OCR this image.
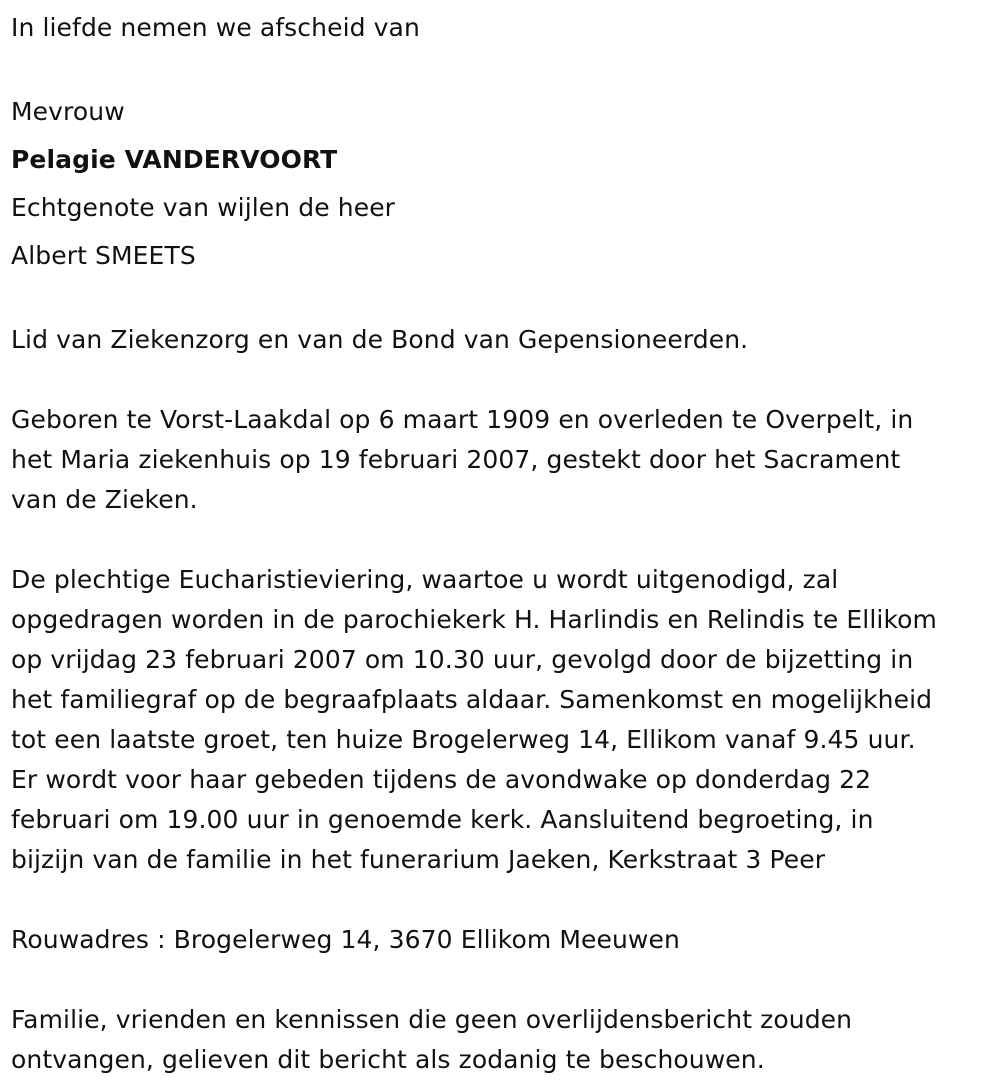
In liefde nemen we afscheid van
Mevrouw
Pelagie VANDERVOORT
Echtgenote van wijlen de heer
Albert SMEETS
Lid van Ziekenzorg en van de Bond van Gepensioneerden.
Geboren te Vorst-Laakdal op 6 maart 1909 en overleden te Overpelt, in
het Maria ziekenhuis op 19 februari 2007, gestekt door het Sacrament
van de Zieken.
De plechtige Eucharistieviering, waartoe u wordt uitgenodigd, zal
opgedragen worden in de parochiekerk H. Harlindis en Relindis te Ellikom
op vrijdag 23 februari 2007 om 10.30 uur, gevolgd door de bijzetting in
het familiegraf op de begraafplaats aldaar. Samenkomst en mogelijkheid
tot een laatste groet, ten huize Brogelerweg 14, Ellikom vanaf 9.45 uur.
Er wordt voor haar gebeden tijdens de avondwake op donderdag 22
februari om 19.00 uur in genoemde kerk. Aansluitend begroeting, in
bijzijn van de familie in het funerarium Jaeken, Kerkstraat 3 Peer
Rouwadres : Brogelerweg 14, 3670 Ellikom Meeuwen
Familie, vrienden en kennissen die geen overlijdensbericht zouden
ontvangen, gelieven dit bericht als zodanig te beschouwen.
